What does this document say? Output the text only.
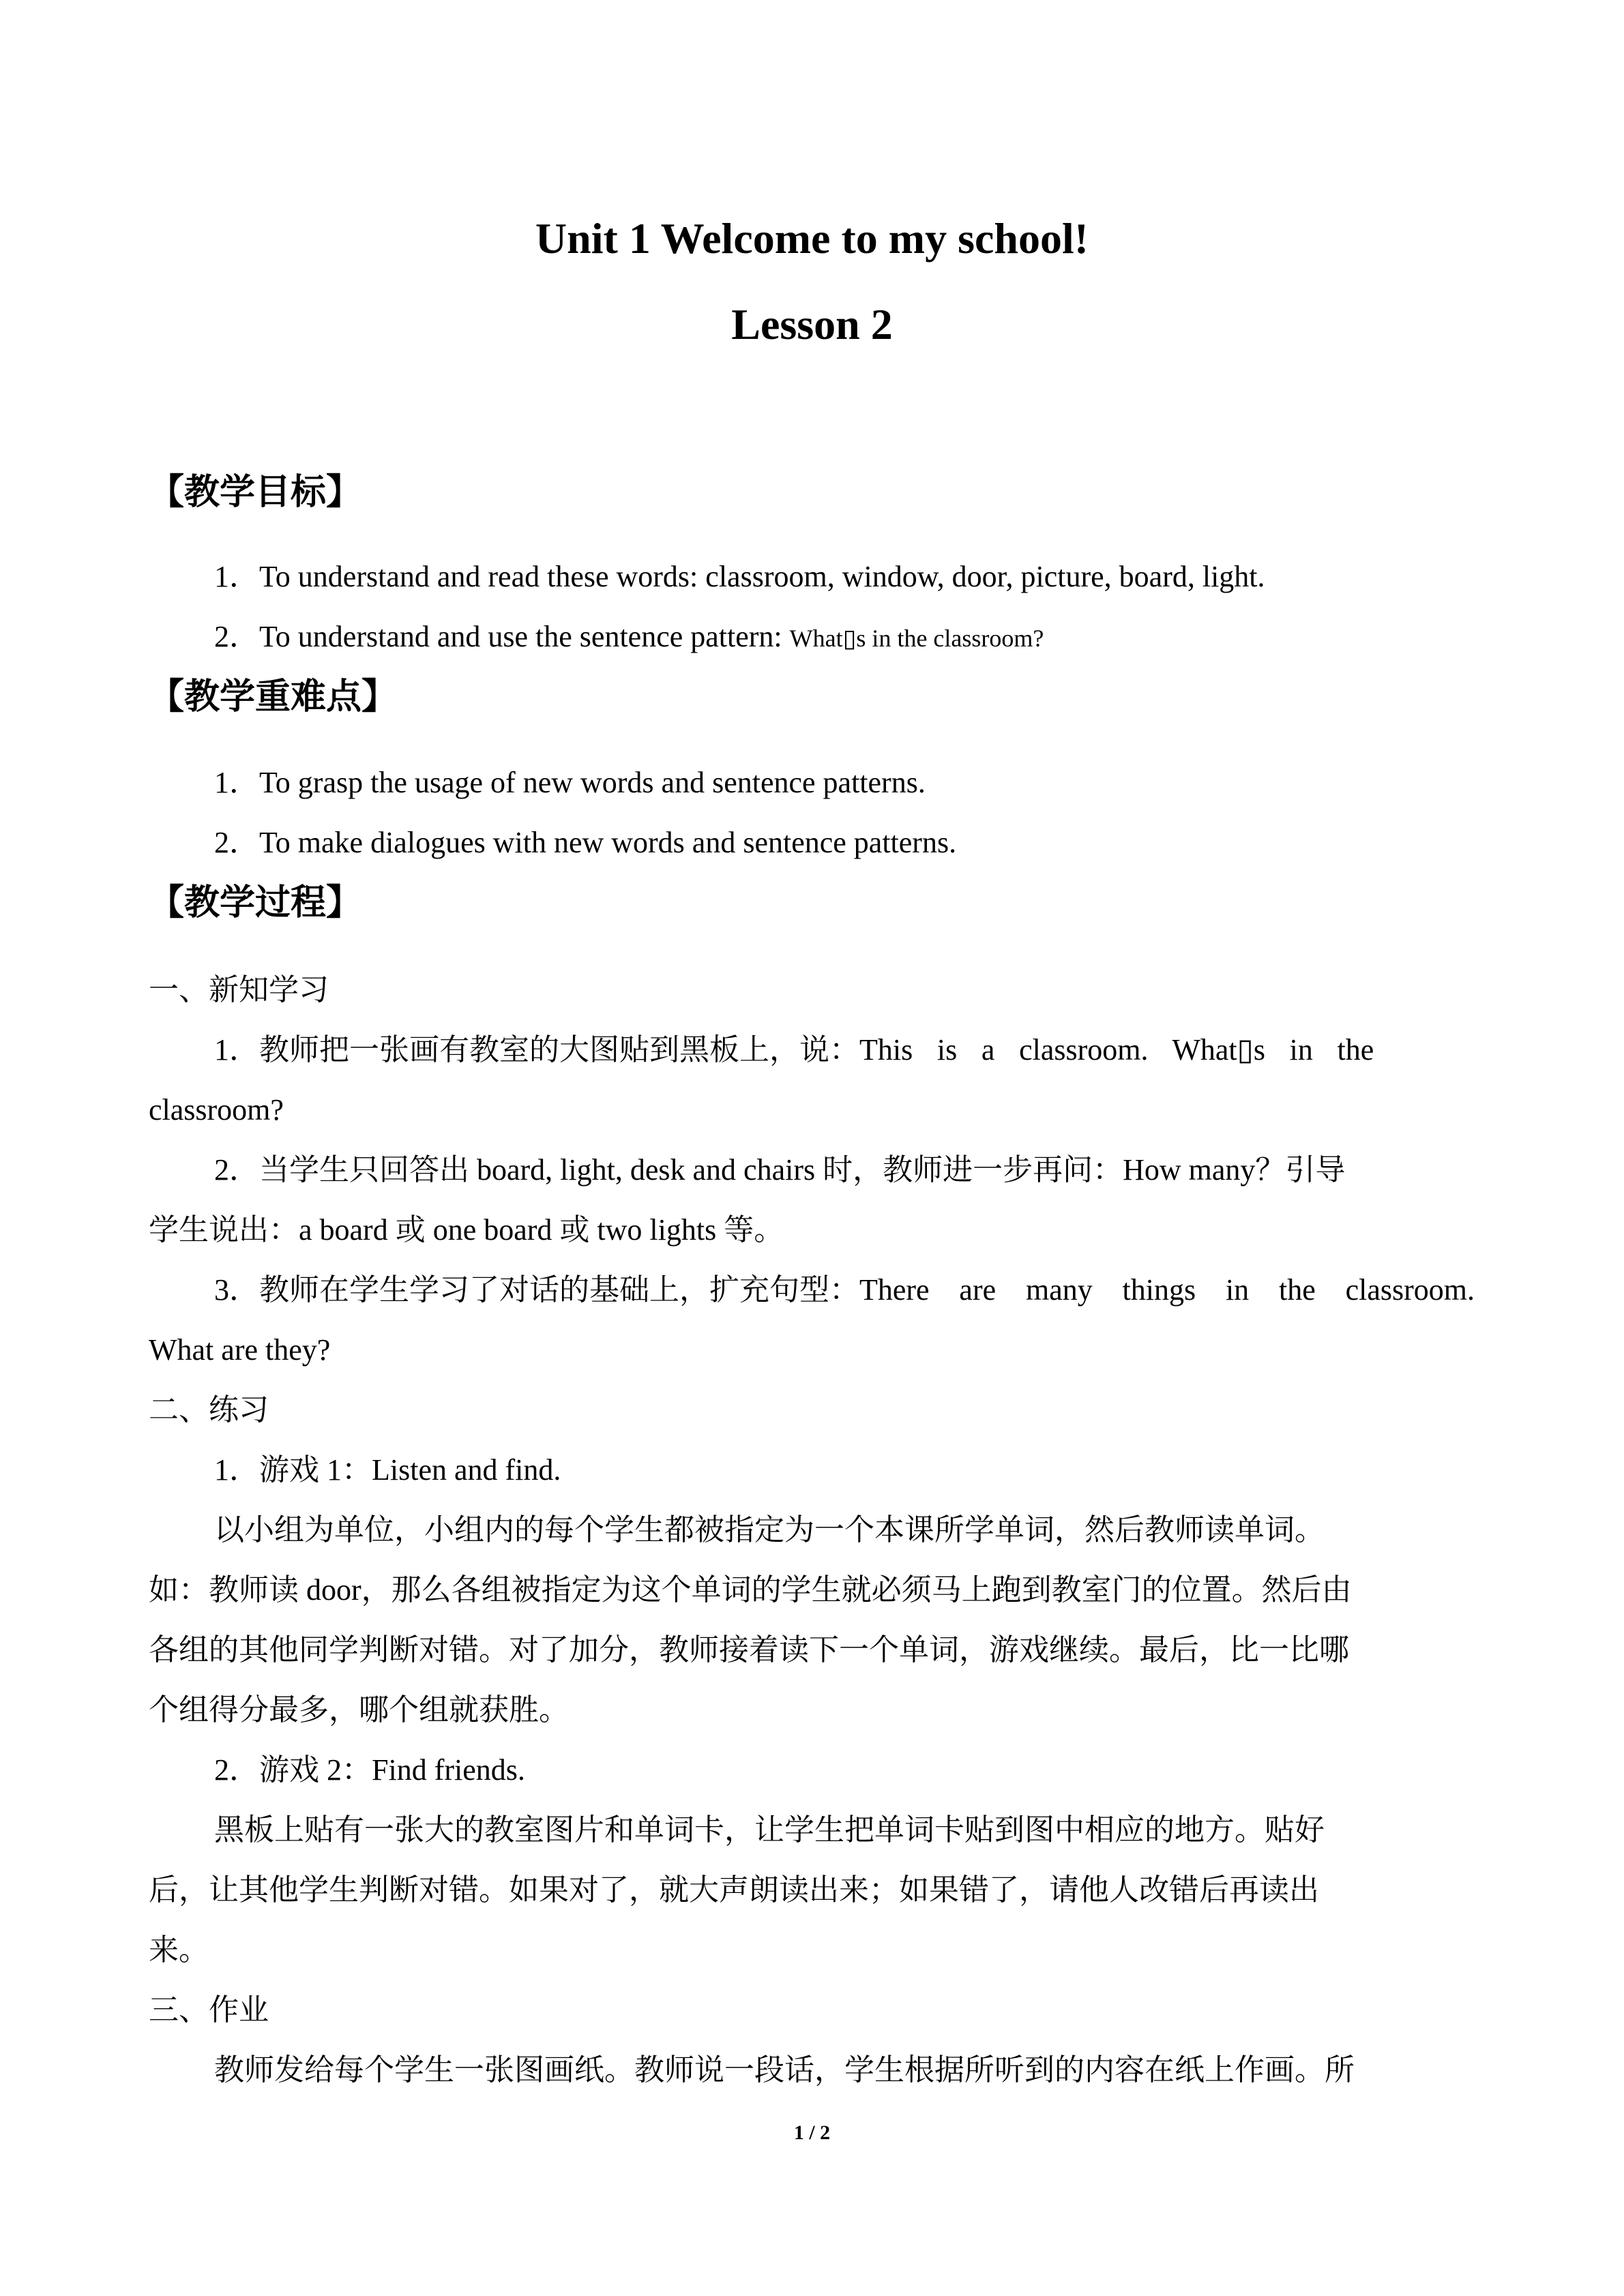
Unit 1 Welcome to my school!
Lesson 2
【教学目标】

1．To understand and read these words: classroom, window, door, picture, board, light.

2．To understand and use the sentence pattern: What▯s in the classroom?

【教学重难点】

1．To grasp the usage of new words and sentence patterns.

2．To make dialogues with new words and sentence patterns.

【教学过程】

一、新知学习

1．教师把一张画有教室的大图贴到黑板上，说：This is a classroom. What▯s in the

classroom?

2．当学生只回答出 board, light, desk and chairs 时，教师进一步再问：How many？引导

学生说出：a board 或 one board 或 two lights 等。

3．教师在学生学习了对话的基础上，扩充句型：There are many things in the classroom.

What are they?

二、练习

1．游戏 1：Listen and find.

以小组为单位，小组内的每个学生都被指定为一个本课所学单词，然后教师读单词。

如：教师读 door，那么各组被指定为这个单词的学生就必须马上跑到教室门的位置。然后由

各组的其他同学判断对错。对了加分，教师接着读下一个单词，游戏继续。最后，比一比哪

个组得分最多，哪个组就获胜。

2．游戏 2：Find friends.

黑板上贴有一张大的教室图片和单词卡，让学生把单词卡贴到图中相应的地方。贴好

后，让其他学生判断对错。如果对了，就大声朗读出来；如果错了，请他人改错后再读出

来。

三、作业

教师发给每个学生一张图画纸。教师说一段话，学生根据所听到的内容在纸上作画。所

1 / 2
